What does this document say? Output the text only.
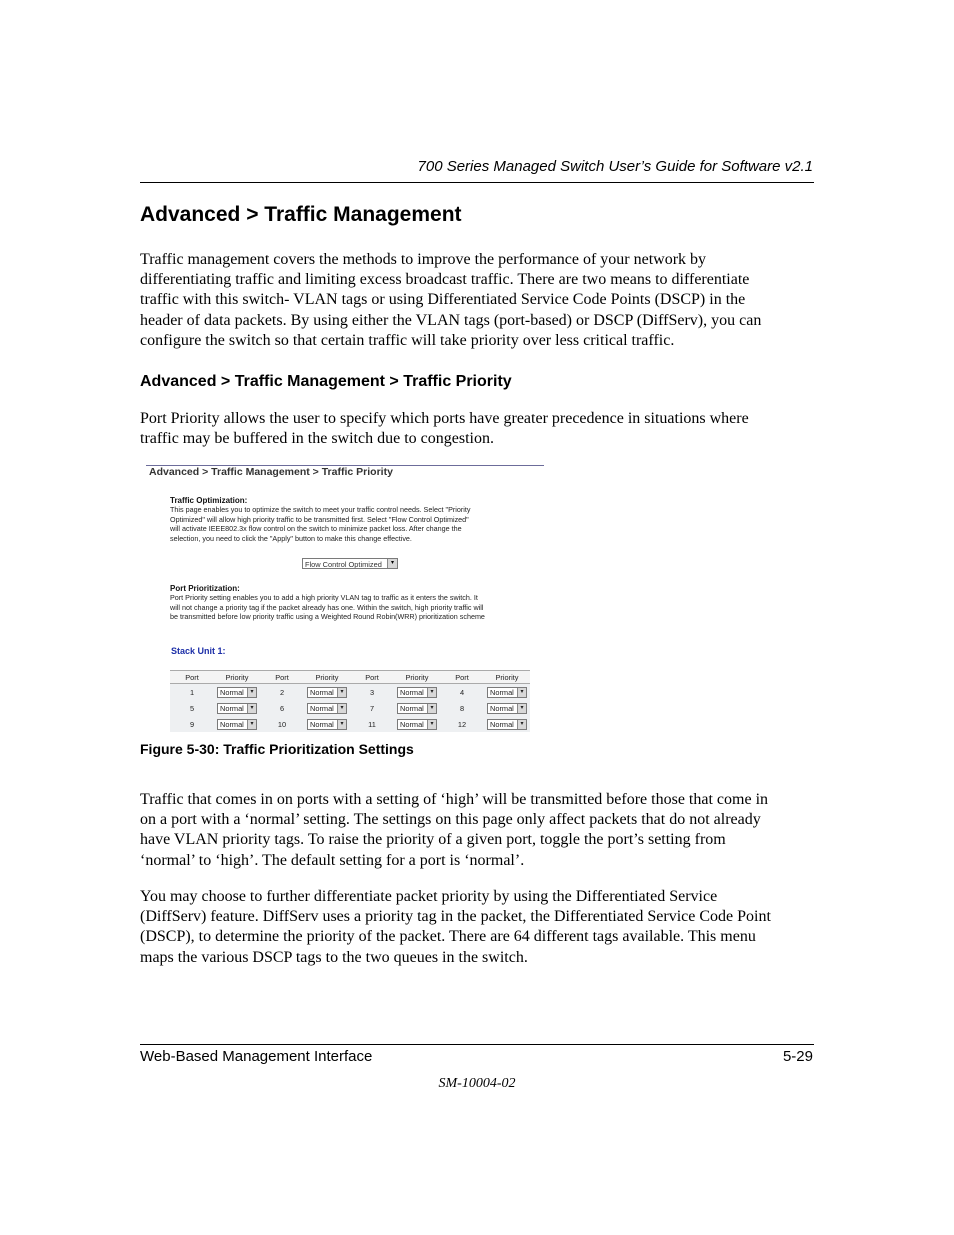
700 Series Managed Switch User’s Guide for Software v2.1
Advanced > Traffic Management
Traffic management covers the methods to improve the performance of your network by
differentiating traffic and limiting excess broadcast traffic. There are two means to differentiate
traffic with this switch- VLAN tags or using Differentiated Service Code Points (DSCP) in the
header of data packets. By using either the VLAN tags (port-based) or DSCP (DiffServ), you can
configure the switch so that certain traffic will take priority over less critical traffic.
Advanced > Traffic Management > Traffic Priority
Port Priority allows the user to specify which ports have greater precedence in situations where
traffic may be buffered in the switch due to congestion.
Advanced > Traffic Management > Traffic Priority
Traffic Optimization:
This page enables you to optimize the switch to meet your traffic control needs. Select "Priority
Optimized" will allow high priority traffic to be transmitted first. Select "Flow Control Optimized"
will activate IEEE802.3x flow control on the switch to minimize packet loss. After change the
selection, you need to click the "Apply" button to make this change effective.
Flow Control Optimized	▾
Port Prioritization:
Port Priority setting enables you to add a high priority VLAN tag to traffic as it enters the switch. It
will not change a priority tag if the packet already has one. Within the switch, high priority traffic will
be transmitted before low priority traffic using a Weighted Round Robin(WRR) prioritization scheme
Stack Unit 1:
Port	Priority	Port	Priority	Port	Priority	Port	Priority
1	Normal ▾	2	Normal ▾	3	Normal ▾	4	Normal ▾

5	Normal ▾	6	Normal ▾	7	Normal ▾	8	Normal ▾

9	Normal ▾	10	Normal ▾	11	Normal ▾	12	Normal ▾
Figure 5-30: Traffic Prioritization Settings
Traffic that comes in on ports with a setting of ‘high’ will be transmitted before those that come in
on a port with a ‘normal’ setting. The settings on this page only affect packets that do not already
have VLAN priority tags. To raise the priority of a given port, toggle the port’s setting from
‘normal’ to ‘high’. The default setting for a port is ‘normal’.
You may choose to further differentiate packet priority by using the Differentiated Service
(DiffServ) feature. DiffServ uses a priority tag in the packet, the Differentiated Service Code Point
(DSCP), to determine the priority of the packet. There are 64 different tags available. This menu
maps the various DSCP tags to the two queues in the switch.
Web-Based Management Interface	5-29
SM-10004-02
